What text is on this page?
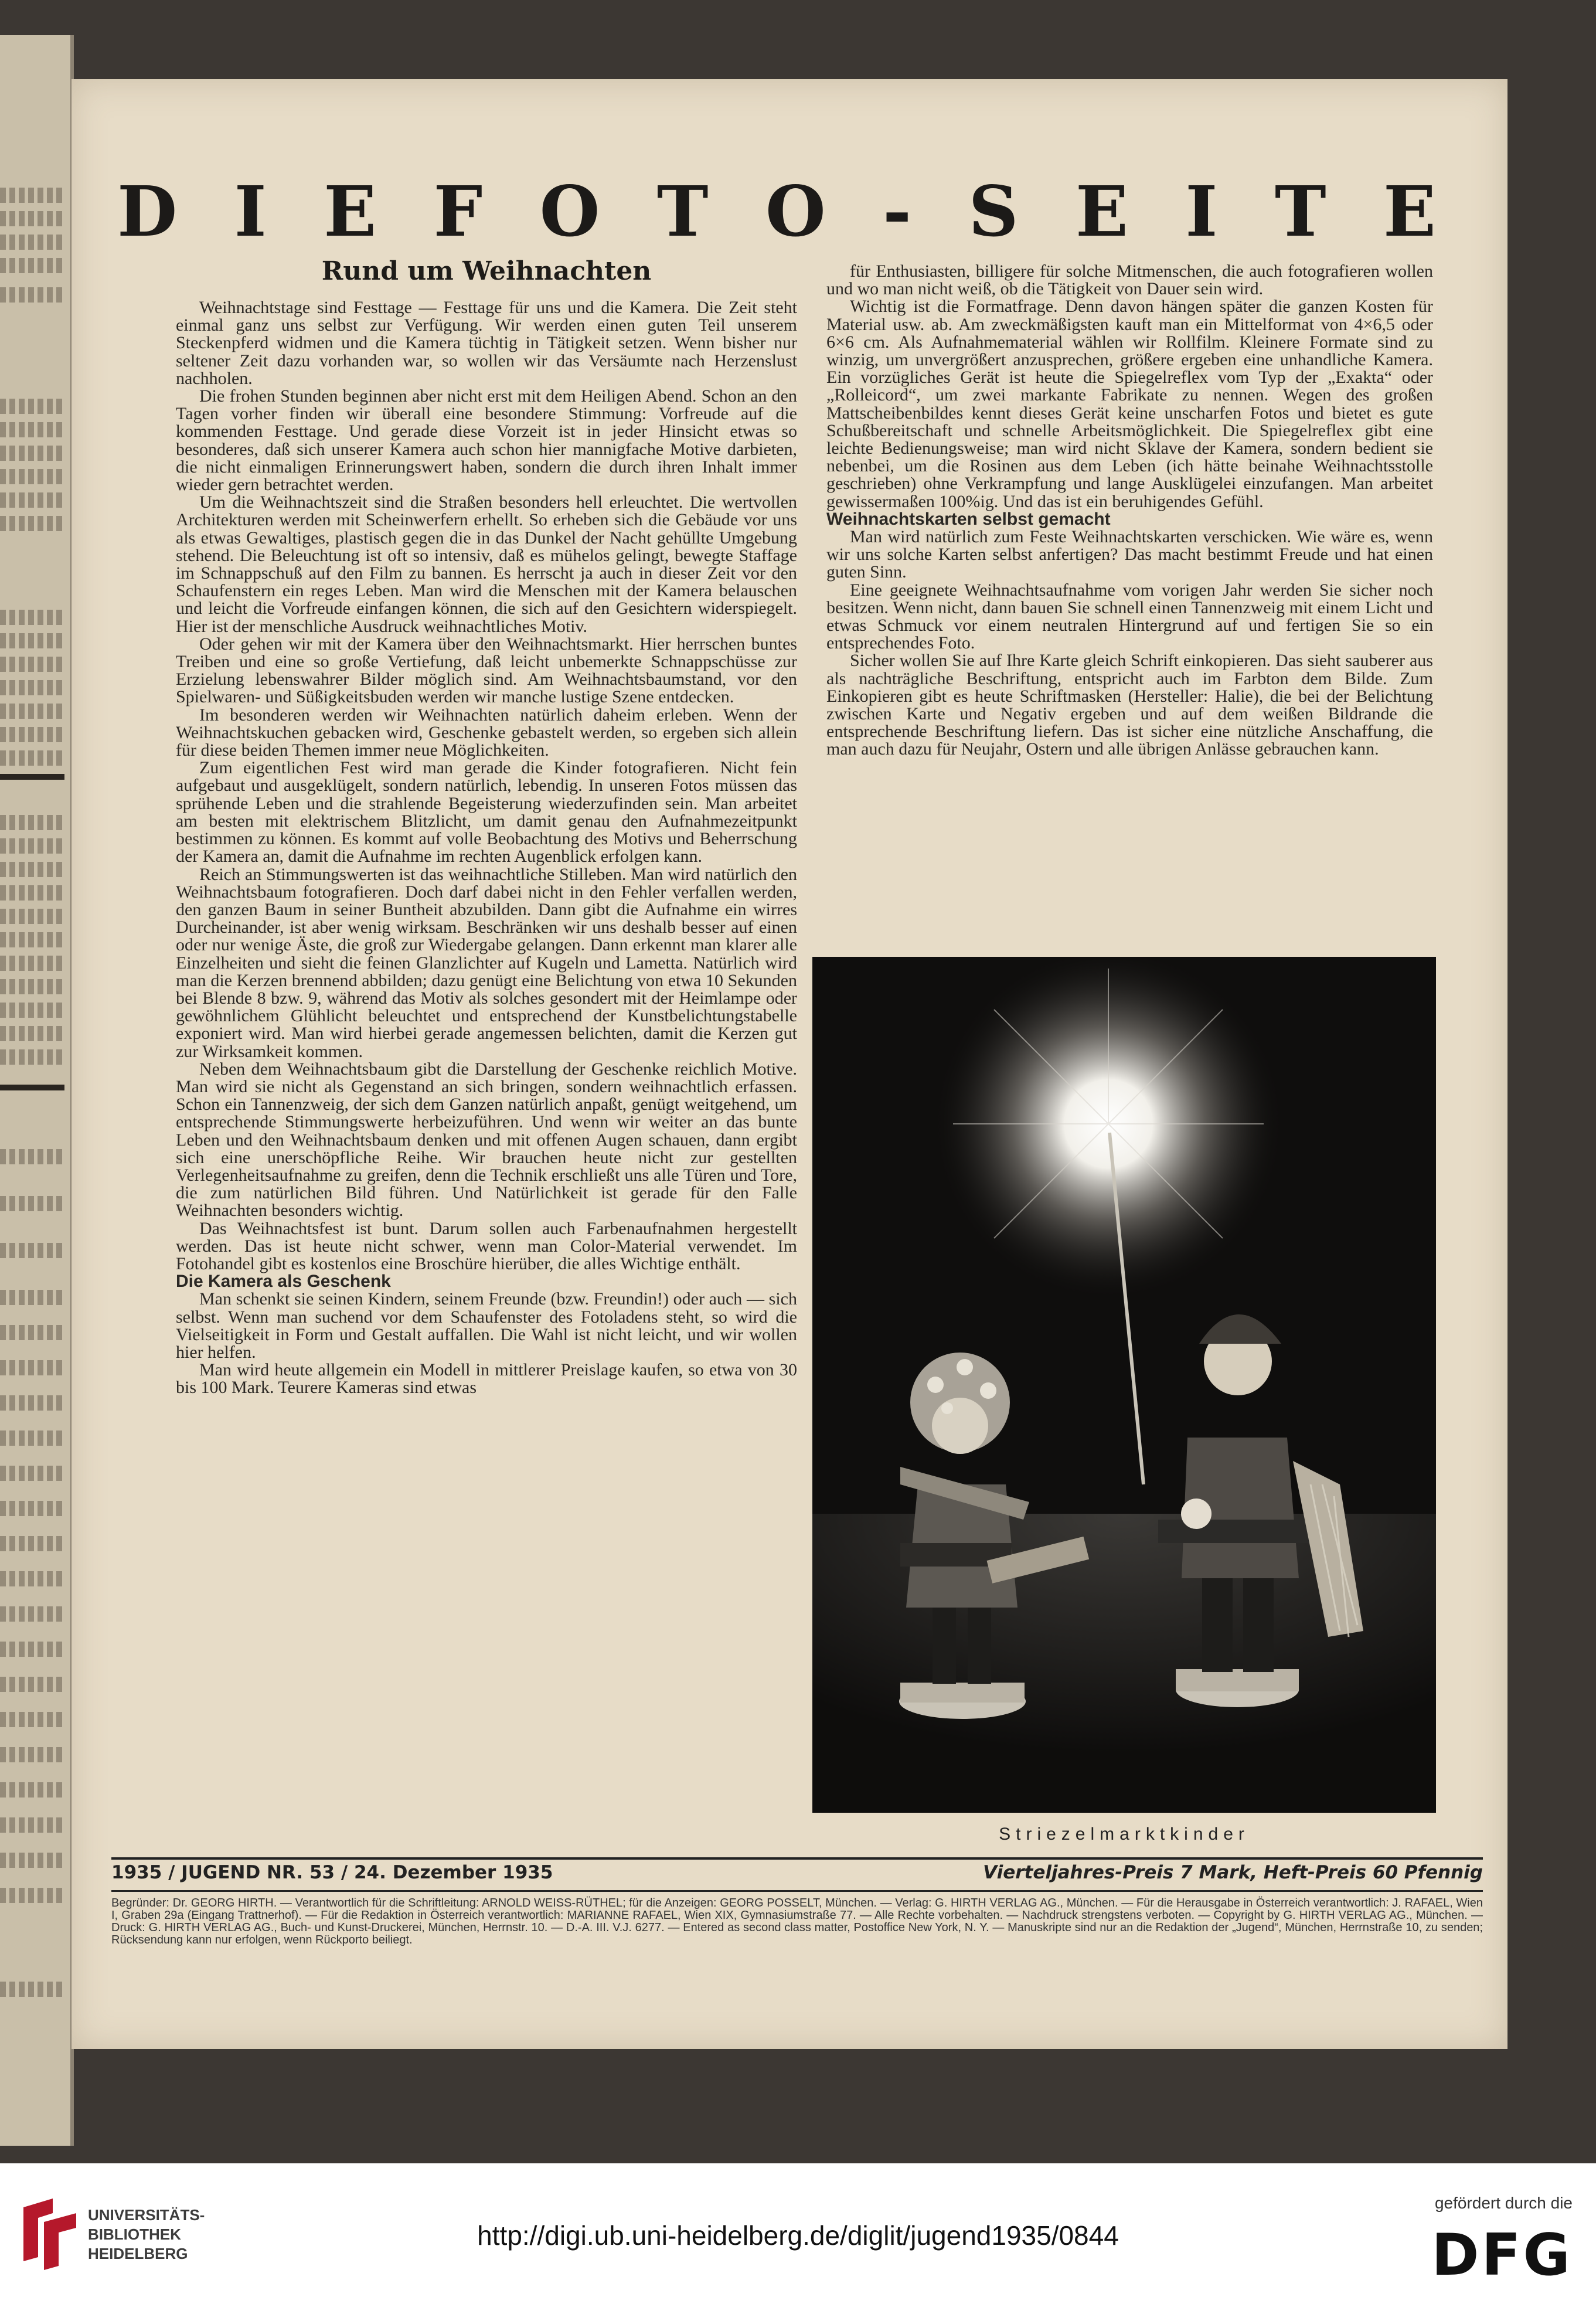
D I E F O T O - S E I T E
Rund um Weihnachten

Weihnachtstage sind Festtage — Festtage für uns und die Kamera. Die Zeit steht einmal ganz uns selbst zur Verfügung. Wir werden einen guten Teil unserem Steckenpferd widmen und die Kamera tüchtig in Tätigkeit setzen. Wenn bisher nur seltener Zeit dazu vorhanden war, so wollen wir das Versäumte nach Herzenslust nachholen.

Die frohen Stunden beginnen aber nicht erst mit dem Heiligen Abend. Schon an den Tagen vorher finden wir überall eine besondere Stimmung: Vorfreude auf die kommenden Festtage. Und gerade diese Vorzeit ist in jeder Hinsicht etwas so besonderes, daß sich unserer Kamera auch schon hier mannigfache Motive darbieten, die nicht einmaligen Erinnerungswert haben, sondern die durch ihren Inhalt immer wieder gern betrachtet werden.

Um die Weihnachtszeit sind die Straßen besonders hell erleuchtet. Die wertvollen Architekturen werden mit Scheinwerfern erhellt. So erheben sich die Gebäude vor uns als etwas Gewaltiges, plastisch gegen die in das Dunkel der Nacht gehüllte Umgebung stehend. Die Beleuchtung ist oft so intensiv, daß es mühelos gelingt, bewegte Staffage im Schnappschuß auf den Film zu bannen. Es herrscht ja auch in dieser Zeit vor den Schaufenstern ein reges Leben. Man wird die Menschen mit der Kamera belauschen und leicht die Vorfreude einfangen können, die sich auf den Gesichtern widerspiegelt. Hier ist der menschliche Ausdruck weihnachtliches Motiv.

Oder gehen wir mit der Kamera über den Weihnachtsmarkt. Hier herrschen buntes Treiben und eine so große Vertiefung, daß leicht unbemerkte Schnappschüsse zur Erzielung lebenswahrer Bilder möglich sind. Am Weihnachtsbaumstand, vor den Spielwaren- und Süßigkeitsbuden werden wir manche lustige Szene entdecken.

Im besonderen werden wir Weihnachten natürlich daheim erleben. Wenn der Weihnachtskuchen gebacken wird, Geschenke gebastelt werden, so ergeben sich allein für diese beiden Themen immer neue Möglichkeiten.

Zum eigentlichen Fest wird man gerade die Kinder fotografieren. Nicht fein aufgebaut und ausgeklügelt, sondern natürlich, lebendig. In unseren Fotos müssen das sprühende Leben und die strahlende Begeisterung wiederzufinden sein. Man arbeitet am besten mit elektrischem Blitzlicht, um damit genau den Aufnahmezeitpunkt bestimmen zu können. Es kommt auf volle Beobachtung des Motivs und Beherrschung der Kamera an, damit die Aufnahme im rechten Augenblick erfolgen kann.

Reich an Stimmungswerten ist das weihnachtliche Stilleben. Man wird natürlich den Weihnachtsbaum fotografieren. Doch darf dabei nicht in den Fehler verfallen werden, den ganzen Baum in seiner Buntheit abzubilden. Dann gibt die Aufnahme ein wirres Durcheinander, ist aber wenig wirksam. Beschränken wir uns deshalb besser auf einen oder nur wenige Äste, die groß zur Wiedergabe gelangen. Dann erkennt man klarer alle Einzelheiten und sieht die feinen Glanzlichter auf Kugeln und Lametta. Natürlich wird man die Kerzen brennend abbilden; dazu genügt eine Belichtung von etwa 10 Sekunden bei Blende 8 bzw. 9, während das Motiv als solches gesondert mit der Heimlampe oder gewöhnlichem Glühlicht beleuchtet und entsprechend der Kunstbelichtungstabelle exponiert wird. Man wird hierbei gerade angemessen belichten, damit die Kerzen gut zur Wirksamkeit kommen.

Neben dem Weihnachtsbaum gibt die Darstellung der Geschenke reichlich Motive. Man wird sie nicht als Gegenstand an sich bringen, sondern weihnachtlich erfassen. Schon ein Tannenzweig, der sich dem Ganzen natürlich anpaßt, genügt weitgehend, um entsprechende Stimmungswerte herbeizuführen. Und wenn wir weiter an das bunte Leben und den Weihnachtsbaum denken und mit offenen Augen schauen, dann ergibt sich eine unerschöpfliche Reihe. Wir brauchen heute nicht zur gestellten Verlegenheitsaufnahme zu greifen, denn die Technik erschließt uns alle Türen und Tore, die zum natürlichen Bild führen. Und Natürlichkeit ist gerade für den Falle Weihnachten besonders wichtig.

Das Weihnachtsfest ist bunt. Darum sollen auch Farbenaufnahmen hergestellt werden. Das ist heute nicht schwer, wenn man Color-Material verwendet. Im Fotohandel gibt es kostenlos eine Broschüre hierüber, die alles Wichtige enthält.

Die Kamera als Geschenk

Man schenkt sie seinen Kindern, seinem Freunde (bzw. Freundin!) oder auch — sich selbst. Wenn man suchend vor dem Schaufenster des Fotoladens steht, so wird die Vielseitigkeit in Form und Gestalt auffallen. Die Wahl ist nicht leicht, und wir wollen hier helfen.

Man wird heute allgemein ein Modell in mittlerer Preislage kaufen, so etwa von 30 bis 100 Mark. Teurere Kameras sind etwas

für Enthusiasten, billigere für solche Mitmenschen, die auch fotografieren wollen und wo man nicht weiß, ob die Tätigkeit von Dauer sein wird.

Wichtig ist die Formatfrage. Denn davon hängen später die ganzen Kosten für Material usw. ab. Am zweckmäßigsten kauft man ein Mittelformat von 4×6,5 oder 6×6 cm. Als Aufnahmematerial wählen wir Rollfilm. Kleinere Formate sind zu winzig, um unvergrößert anzusprechen, größere ergeben eine unhandliche Kamera. Ein vorzügliches Gerät ist heute die Spiegelreflex vom Typ der „Exakta“ oder „Rolleicord“, um zwei markante Fabrikate zu nennen. Wegen des großen Mattscheibenbildes kennt dieses Gerät keine unscharfen Fotos und bietet es gute Schußbereitschaft und schnelle Arbeitsmöglichkeit. Die Spiegelreflex gibt eine leichte Bedienungsweise; man wird nicht Sklave der Kamera, sondern bedient sie nebenbei, um die Rosinen aus dem Leben (ich hätte beinahe Weihnachtsstolle geschrieben) ohne Verkrampfung und lange Ausklügelei einzufangen. Man arbeitet gewissermaßen 100%ig. Und das ist ein beruhigendes Gefühl.

Weihnachtskarten selbst gemacht

Man wird natürlich zum Feste Weihnachtskarten verschicken. Wie wäre es, wenn wir uns solche Karten selbst anfertigen? Das macht bestimmt Freude und hat einen guten Sinn.

Eine geeignete Weihnachtsaufnahme vom vorigen Jahr werden Sie sicher noch besitzen. Wenn nicht, dann bauen Sie schnell einen Tannenzweig mit einem Licht und etwas Schmuck vor einem neutralen Hintergrund auf und fertigen Sie so ein entsprechendes Foto.

Sicher wollen Sie auf Ihre Karte gleich Schrift einkopieren. Das sieht sauberer aus als nachträgliche Beschriftung, entspricht auch im Farbton dem Bilde. Zum Einkopieren gibt es heute Schriftmasken (Hersteller: Halie), die bei der Belichtung zwischen Karte und Negativ ergeben und auf dem weißen Bildrande die entsprechende Beschriftung liefern. Das ist sicher eine nützliche Anschaffung, die man auch dazu für Neujahr, Ostern und alle übrigen Anlässe gebrauchen kann.

Striezelmarktkinder
1935 / JUGEND NR. 53 / 24. Dezember 1935	Vierteljahres-Preis 7 Mark, Heft-Preis 60 Pfennig
Begründer: Dr. GEORG HIRTH. — Verantwortlich für die Schriftleitung: ARNOLD WEISS-RÜTHEL; für die Anzeigen: GEORG POSSELT, München. — Verlag: G. HIRTH VERLAG AG., München. — Für die Herausgabe in Österreich verantwortlich: J. RAFAEL, Wien I, Graben 29a (Eingang Trattnerhof). — Für die Redaktion in Österreich verantwortlich: MARIANNE RAFAEL, Wien XIX, Gymnasiumstraße 77. — Alle Rechte vorbehalten. — Nachdruck strengstens verboten. — Copyright by G. HIRTH VERLAG AG., München. — Druck: G. HIRTH VERLAG AG., Buch- und Kunst-Druckerei, München, Herrnstr. 10. — D.-A. III. V.J. 6277. — Entered as second class matter, Postoffice New York, N. Y. — Manuskripte sind nur an die Redaktion der „Jugend“, München, Herrnstraße 10, zu senden; Rücksendung kann nur erfolgen, wenn Rückporto beiliegt.
UNIVERSITÄTS-
BIBLIOTHEK
HEIDELBERG
http://digi.ub.uni-heidelberg.de/diglit/jugend1935/0844
gefördert durch die
DFG
